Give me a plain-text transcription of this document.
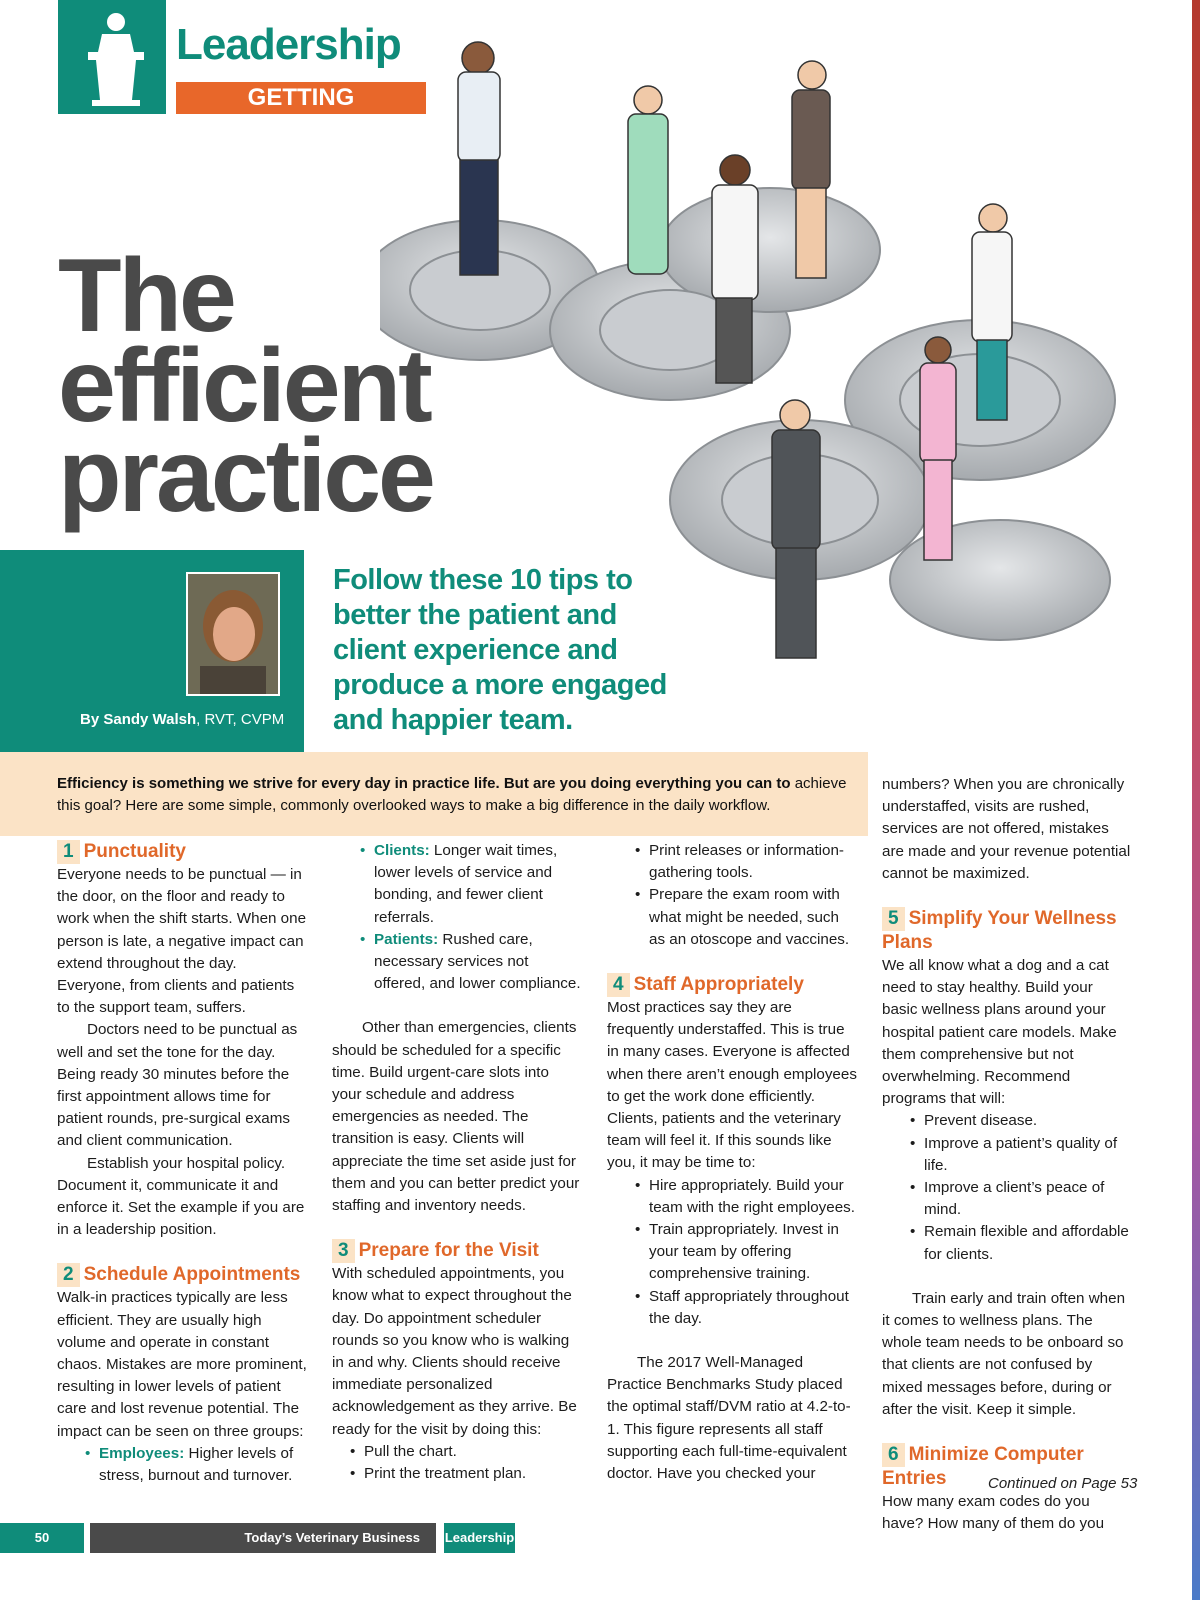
Leadership
GETTING TECHNICAL
The
efficient
practice
By Sandy Walsh, RVT, CVPM
Follow these 10 tips to better the patient and client experience and produce a more engaged and happier team.
Efficiency is something we strive for every day in practice life. But are you doing everything you can to achieve this goal? Here are some simple, commonly overlooked ways to make a big difference in the daily workflow.
1 Punctuality

Everyone needs to be punctual — in the door, on the floor and ready to work when the shift starts. When one person is late, a negative impact can extend throughout the day. Everyone, from clients and patients to the support team, suffers.

Doctors need to be punctual as well and set the tone for the day. Being ready 30 minutes before the first appointment allows time for patient rounds, pre-surgical exams and client communication.

Establish your hospital policy. Document it, communicate it and enforce it. Set the example if you are in a leadership position.

2 Schedule Appointments

Walk-in practices typically are less efficient. They are usually high volume and operate in constant chaos. Mistakes are more prominent, resulting in lower levels of patient care and lost revenue potential. The impact can be seen on three groups:

• Employees: Higher levels of stress, burnout and turnover.
• Clients: Longer wait times, lower levels of service and bonding, and fewer client referrals.
• Patients: Rushed care, necessary services not offered, and lower compliance.

Other than emergencies, clients should be scheduled for a specific time. Build urgent-care slots into your schedule and address emergencies as needed. The transition is easy. Clients will appreciate the time set aside just for them and you can better predict your staffing and inventory needs.

3 Prepare for the Visit

With scheduled appointments, you know what to expect throughout the day. Do appointment scheduler rounds so you know who is walking in and why. Clients should receive immediate personalized acknowledgement as they arrive. Be ready for the visit by doing this:

• Pull the chart.
• Print the treatment plan.
• Print releases or information-gathering tools.
• Prepare the exam room with what might be needed, such as an otoscope and vaccines.
4 Staff Appropriately

Most practices say they are frequently understaffed. This is true in many cases. Everyone is affected when there aren’t enough employees to get the work done efficiently. Clients, patients and the veterinary team will feel it. If this sounds like you, it may be time to:

• Hire appropriately. Build your team with the right employees.
• Train appropriately. Invest in your team by offering comprehensive training.
• Staff appropriately throughout the day.

The 2017 Well-Managed Practice Benchmarks Study placed the optimal staff/DVM ratio at 4.2-to-1. This figure represents all staff supporting each full-time-equivalent doctor. Have you checked your

numbers? When you are chronically understaffed, visits are rushed, services are not offered, mistakes are made and your revenue potential cannot be maximized.

5 Simplify Your Wellness Plans

We all know what a dog and a cat need to stay healthy. Build your basic wellness plans around your hospital patient care models. Make them comprehensive but not overwhelming. Recommend programs that will:

• Prevent disease.
• Improve a patient’s quality of life.
• Improve a client’s peace of mind.
• Remain flexible and affordable for clients.

Train early and train often when it comes to wellness plans. The whole team needs to be onboard so that clients are not confused by mixed messages before, during or after the visit. Keep it simple.

6 Minimize Computer Entries

How many exam codes do you have? How many of them do you

Continued on Page 53
50	Today’s Veterinary Business	Leadership
